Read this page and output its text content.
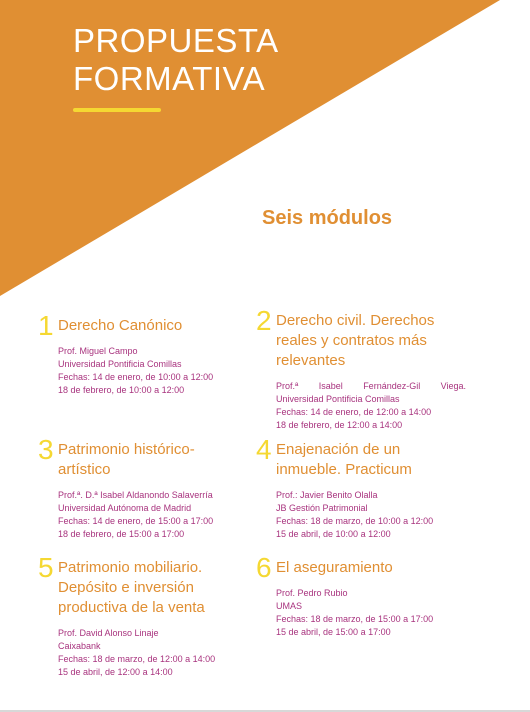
PROPUESTA
FORMATIVA
Seis módulos
1 Derecho Canónico
Prof. Miguel Campo
Universidad Pontificia Comillas
Fechas: 14 de enero, de 10:00 a 12:00
18 de febrero, de 10:00 a 12:00
2 Derecho civil. Derechos reales y contratos más relevantes
Prof.ª Isabel Fernández-Gil Viega.
Universidad Pontificia Comillas
Fechas: 14 de enero, de 12:00 a 14:00
18 de febrero, de 12:00 a 14:00
3 Patrimonio histórico-artístico
Prof.ª. D.ª Isabel Aldanondo Salaverría
Universidad Autónoma de Madrid
Fechas: 14 de enero, de 15:00 a 17:00
18 de febrero, de 15:00 a 17:00
4 Enajenación de un inmueble. Practicum
Prof.: Javier Benito Olalla
JB Gestión Patrimonial
Fechas: 18 de marzo, de 10:00 a 12:00
15 de abril, de 10:00 a 12:00
5 Patrimonio mobiliario. Depósito e inversión productiva de la venta
Prof. David Alonso Linaje
Caixabank
Fechas: 18 de marzo, de 12:00 a 14:00
15 de abril, de 12:00 a 14:00
6 El aseguramiento
Prof. Pedro Rubio
UMAS
Fechas: 18 de marzo, de 15:00 a 17:00
15 de abril, de 15:00 a 17:00
